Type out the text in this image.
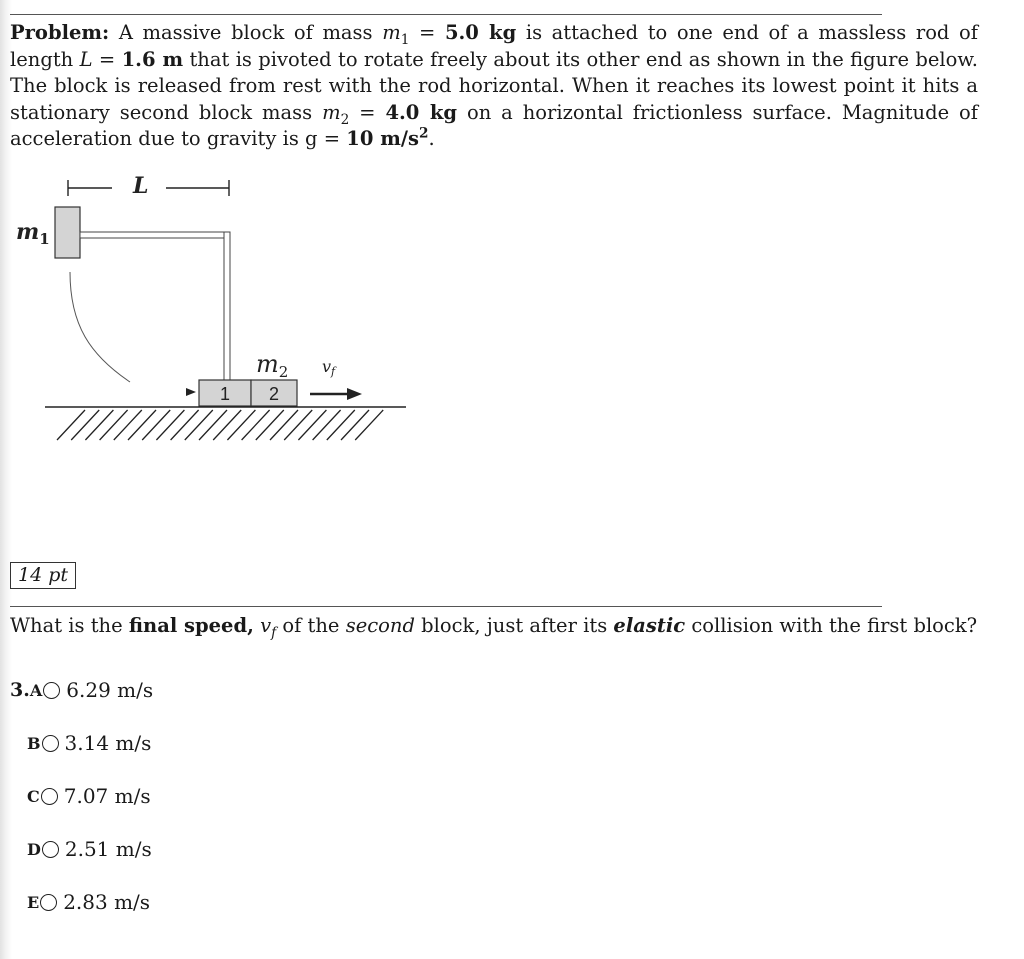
Problem: A massive block of mass $m_1 = 5.0$ kg is attached to one end of a massless rod of length L = 1.6 m that is pivoted to rotate freely about its other end as shown in the figure below. The block is released from rest with the rod horizontal. When it reaches its lowest point it hits a stationary second block mass $m_2 = 4.0$ kg on a horizontal frictionless surface. Magnitude of acceleration due to gravity is g = 10 $m/s^2$.
L
$m_1$
1 2
$m_2$ vf
14 pt
What is the final speed, $v_f$ of the second block, just after its elastic collision with the first block?
3. A 6.29 m/s
B 3.14 m/s
C 7.07 m/s
D 2.51 m/s
E 2.83 m/s
